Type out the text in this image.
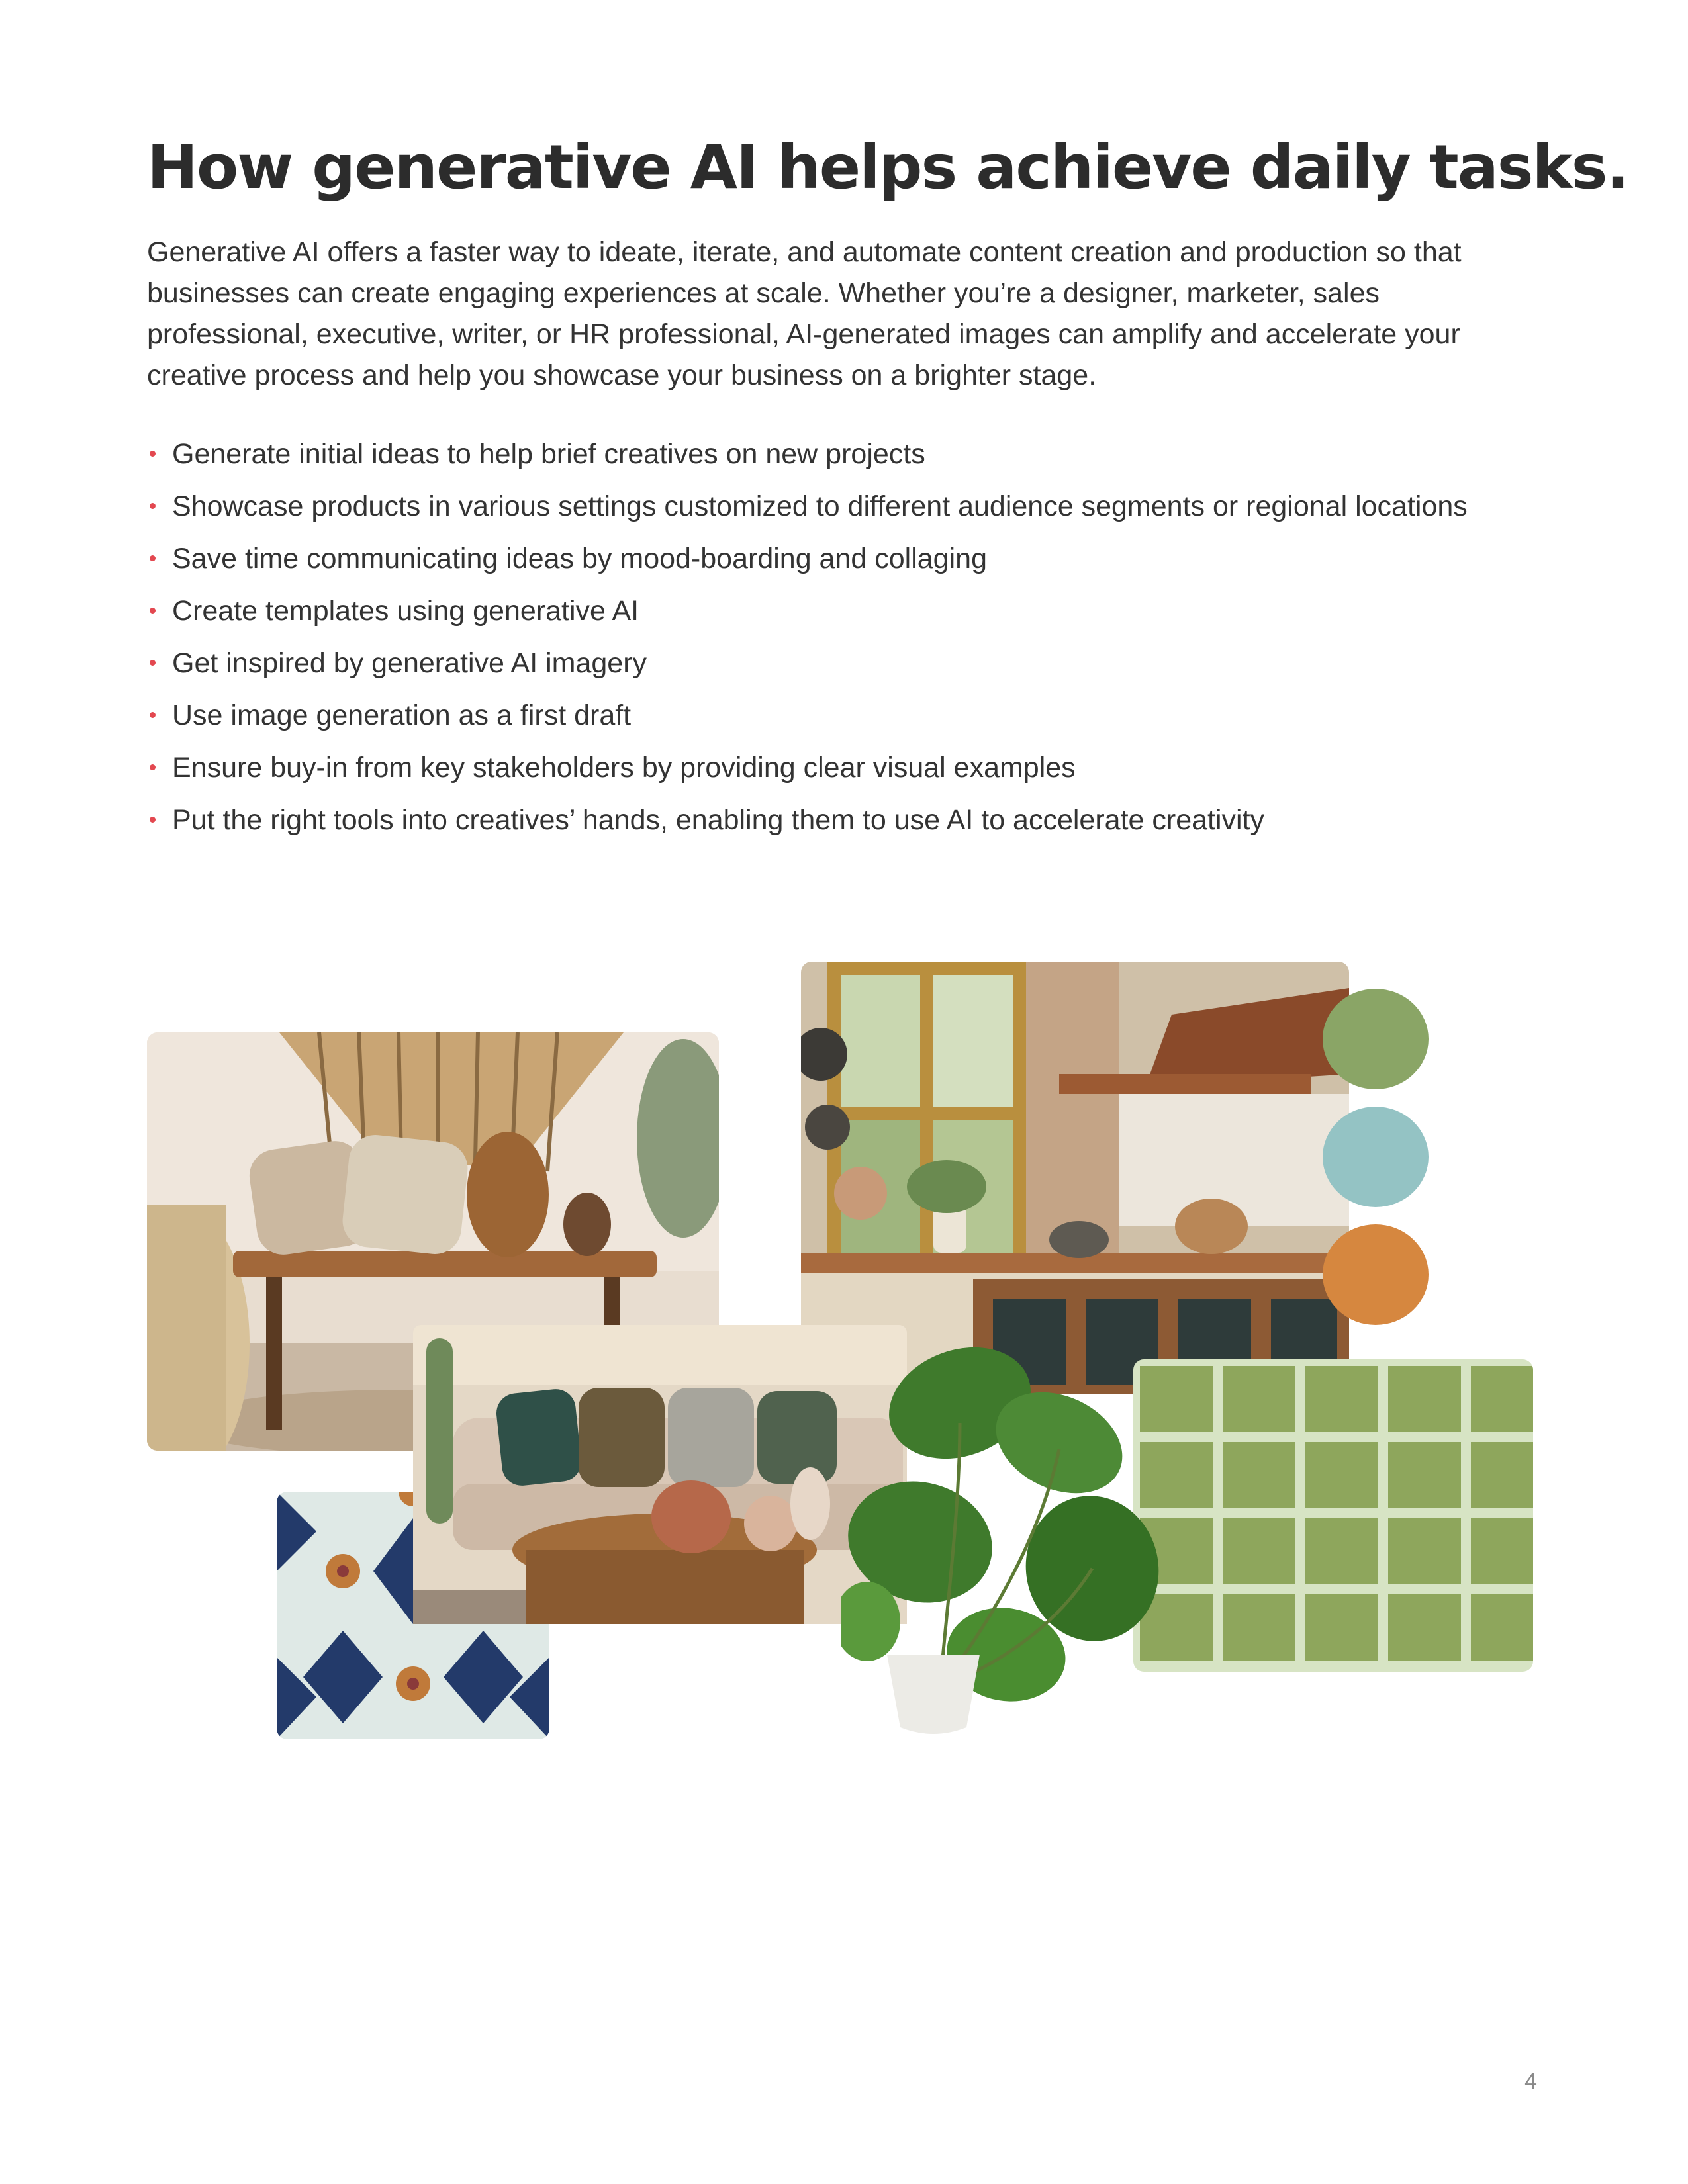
How generative AI helps achieve daily tasks.

Generative AI offers a faster way to ideate, iterate, and automate content creation and production so that businesses can create engaging experiences at scale. Whether you’re a designer, marketer, sales professional, executive, writer, or HR professional, AI-generated images can amplify and accelerate your creative process and help you showcase your business on a brighter stage.

Generate initial ideas to help brief creatives on new projects
Showcase products in various settings customized to different audience segments or regional locations
Save time communicating ideas by mood-boarding and collaging
Create templates using generative AI
Get inspired by generative AI imagery
Use image generation as a first draft
Ensure buy-in from key stakeholders by providing clear visual examples
Put the right tools into creatives’ hands, enabling them to use AI to accelerate creativity
4
